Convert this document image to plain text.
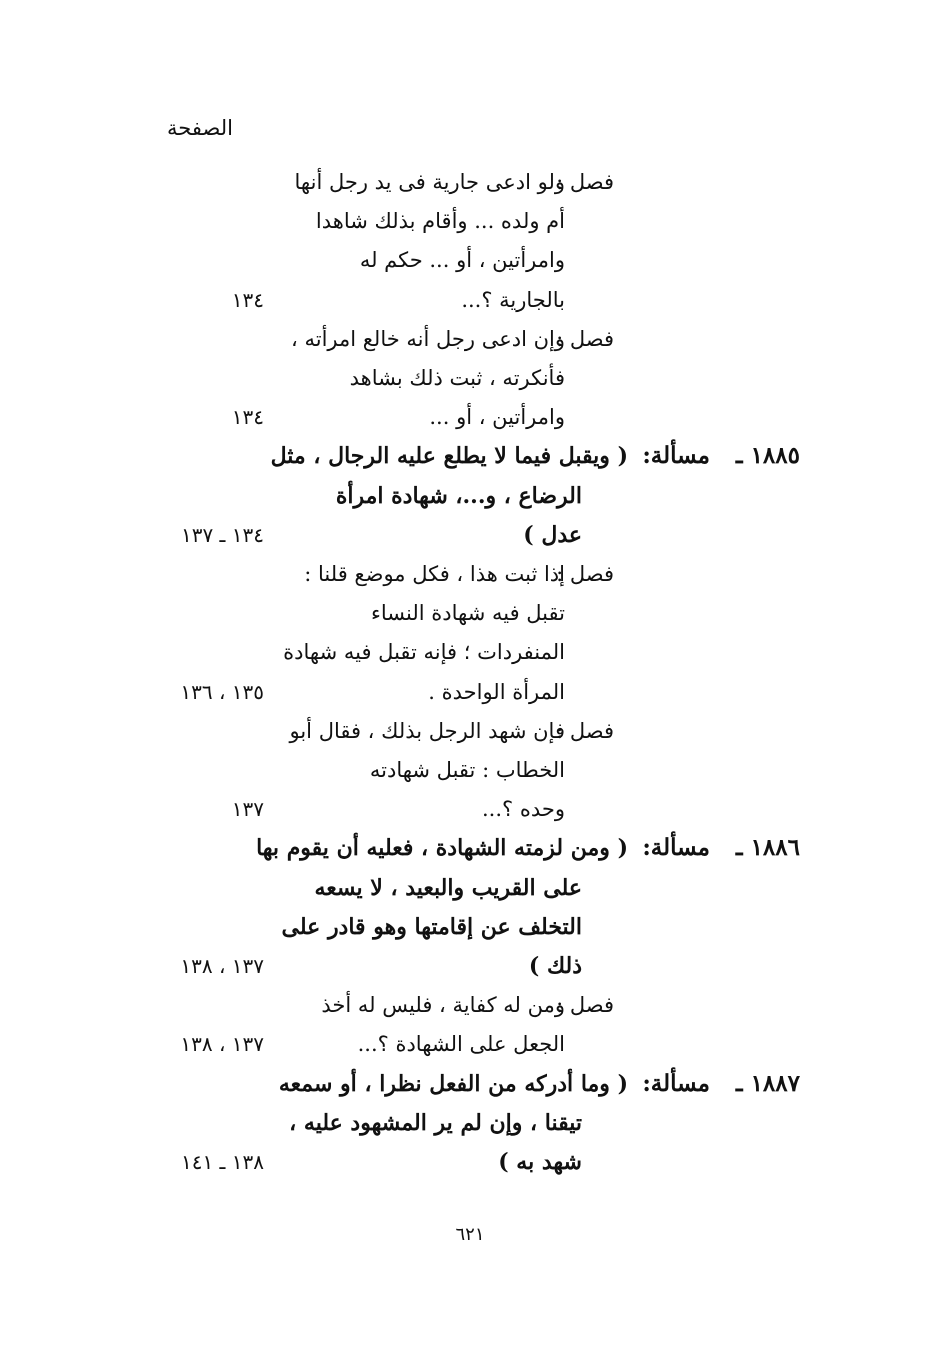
الصفحة
فصل :
ولو ادعى جارية فى يد رجل أنها
أم ولده ... وأقام بذلك شاهدا
وامرأتين ، أو ... حكم له
بالجارية ؟...
١٣٤
فصل :
وإن ادعى رجل أنه خالع امرأته ،
فأنكرته ، ثبت ذلك بشاهد
وامرأتين ، أو ...
١٣٤
١٨٨٥ ـ
مسألة:
( ويقبل فيما لا يطلع عليه الرجال ، مثل
الرضاع ، و...، شهادة امرأة
عدل )
١٣٤ ـ ١٣٧
فصل :
إذا ثبت هذا ، فكل موضع قلنا :
تقبل فيه شهادة النساء
المنفردات ؛ فإنه تقبل فيه شهادة
المرأة الواحدة .
١٣٥ ، ١٣٦
فصل :
فإن شهد الرجل بذلك ، فقال أبو
الخطاب : تقبل شهادته
وحده ؟...
١٣٧
١٨٨٦ ـ
مسألة:
( ومن لزمته الشهادة ، فعليه أن يقوم بها
على القريب والبعيد ، لا يسعه
التخلف عن إقامتها وهو قادر على
ذلك )
١٣٧ ، ١٣٨
فصل :
ومن له كفاية ، فليس له أخذ
الجعل على الشهادة ؟...
١٣٧ ، ١٣٨
١٨٨٧ ـ
مسألة:
( وما أدركه من الفعل نظرا ، أو سمعه
تيقنا ، وإن لم ير المشهود عليه ،
شهد به )
١٣٨ ـ ١٤١
٦٢١
